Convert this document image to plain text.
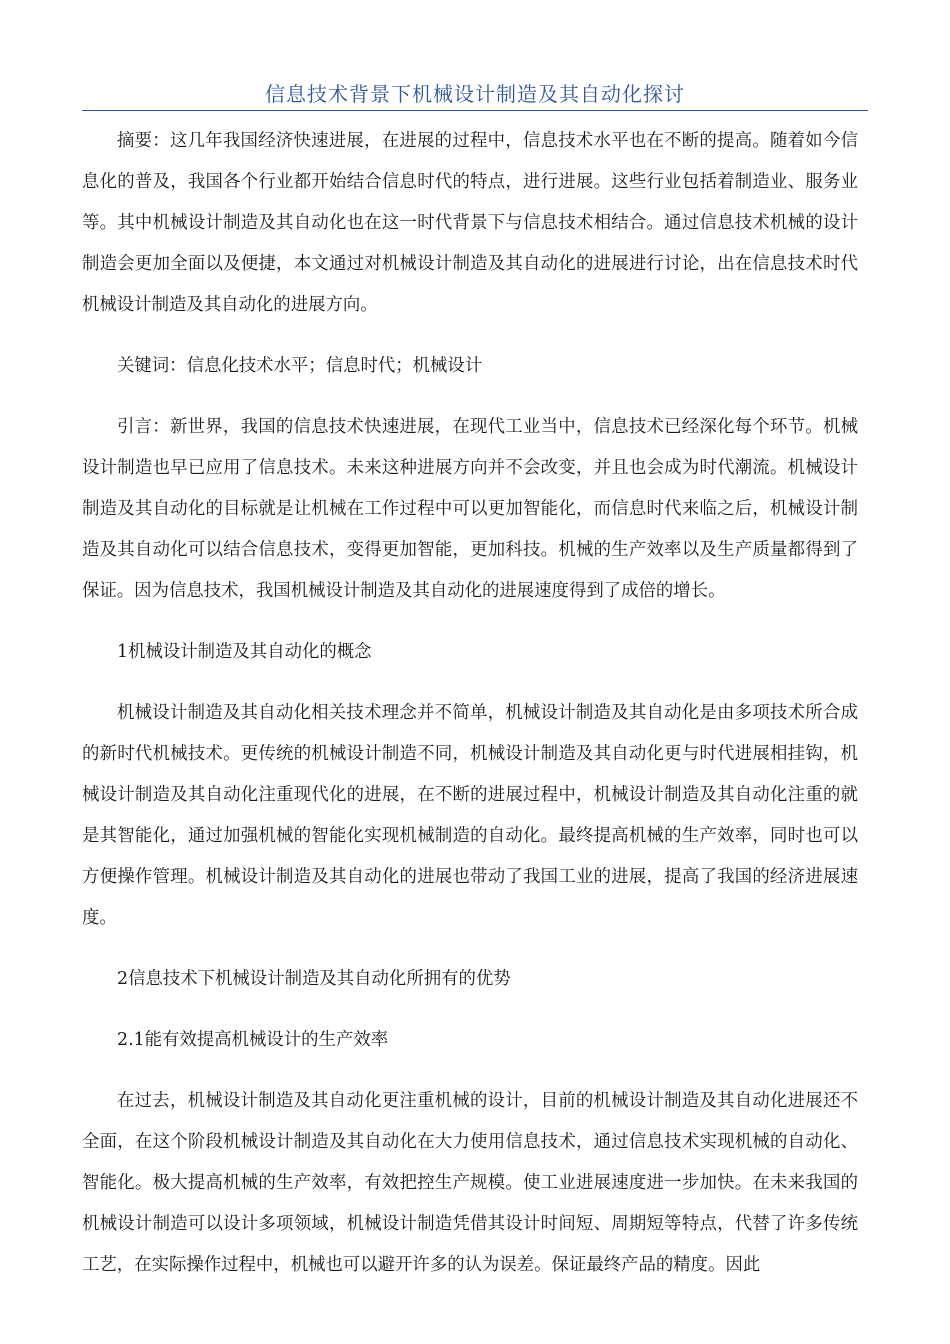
信息技术背景下机械设计制造及其自动化探讨

摘要：这几年我国经济快速进展，在进展的过程中，信息技术水平也在不断的提高。随着如今信息化的普及，我国各个行业都开始结合信息时代的特点，进行进展。这些行业包括着制造业、服务业等。其中机械设计制造及其自动化也在这一时代背景下与信息技术相结合。通过信息技术机械的设计制造会更加全面以及便捷，本文通过对机械设计制造及其自动化的进展进行讨论，出在信息技术时代机械设计制造及其自动化的进展方向。

关键词：信息化技术水平；信息时代；机械设计

引言：新世界，我国的信息技术快速进展，在现代工业当中，信息技术已经深化每个环节。机械设计制造也早已应用了信息技术。未来这种进展方向并不会改变，并且也会成为时代潮流。机械设计制造及其自动化的目标就是让机械在工作过程中可以更加智能化，而信息时代来临之后，机械设计制造及其自动化可以结合信息技术，变得更加智能，更加科技。机械的生产效率以及生产质量都得到了保证。因为信息技术，我国机械设计制造及其自动化的进展速度得到了成倍的增长。

1机械设计制造及其自动化的概念

机械设计制造及其自动化相关技术理念并不简单，机械设计制造及其自动化是由多项技术所合成的新时代机械技术。更传统的机械设计制造不同，机械设计制造及其自动化更与时代进展相挂钩，机械设计制造及其自动化注重现代化的进展，在不断的进展过程中，机械设计制造及其自动化注重的就是其智能化，通过加强机械的智能化实现机械制造的自动化。最终提高机械的生产效率，同时也可以方便操作管理。机械设计制造及其自动化的进展也带动了我国工业的进展，提高了我国的经济进展速度。

2信息技术下机械设计制造及其自动化所拥有的优势

2.1能有效提高机械设计的生产效率

在过去，机械设计制造及其自动化更注重机械的设计，目前的机械设计制造及其自动化进展还不全面，在这个阶段机械设计制造及其自动化在大力使用信息技术，通过信息技术实现机械的自动化、智能化。极大提高机械的生产效率，有效把控生产规模。使工业进展速度进一步加快。在未来我国的机械设计制造可以设计多项领域，机械设计制造凭借其设计时间短、周期短等特点，代替了许多传统工艺，在实际操作过程中，机械也可以避开许多的认为误差。保证最终产品的精度。因此
